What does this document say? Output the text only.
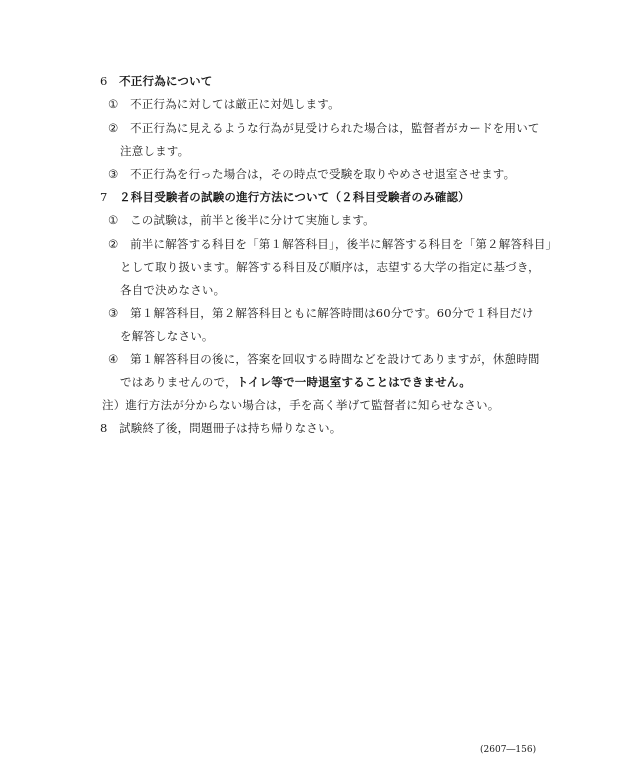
6 不正行為について
① 不正行為に対しては厳正に対処します。
② 不正行為に見えるような行為が見受けられた場合は，監督者がカードを用いて
注意します。
③ 不正行為を行った場合は，その時点で受験を取りやめさせ退室させます。
7 ２科目受験者の試験の進行方法について（２科目受験者のみ確認）
① この試験は，前半と後半に分けて実施します。
② 前半に解答する科目を「第１解答科目」，後半に解答する科目を「第２解答科目」
として取り扱います。解答する科目及び順序は，志望する大学の指定に基づき，
各自で決めなさい。
③ 第１解答科目，第２解答科目ともに解答時間は60分です。60分で１科目だけ
を解答しなさい。
④ 第１解答科目の後に，答案を回収する時間などを設けてありますが，休憩時間
ではありませんので，トイレ等で一時退室することはできません。
注）進行方法が分からない場合は，手を高く挙げて監督者に知らせなさい。
8 試験終了後，問題冊子は持ち帰りなさい。
(2607―156)
